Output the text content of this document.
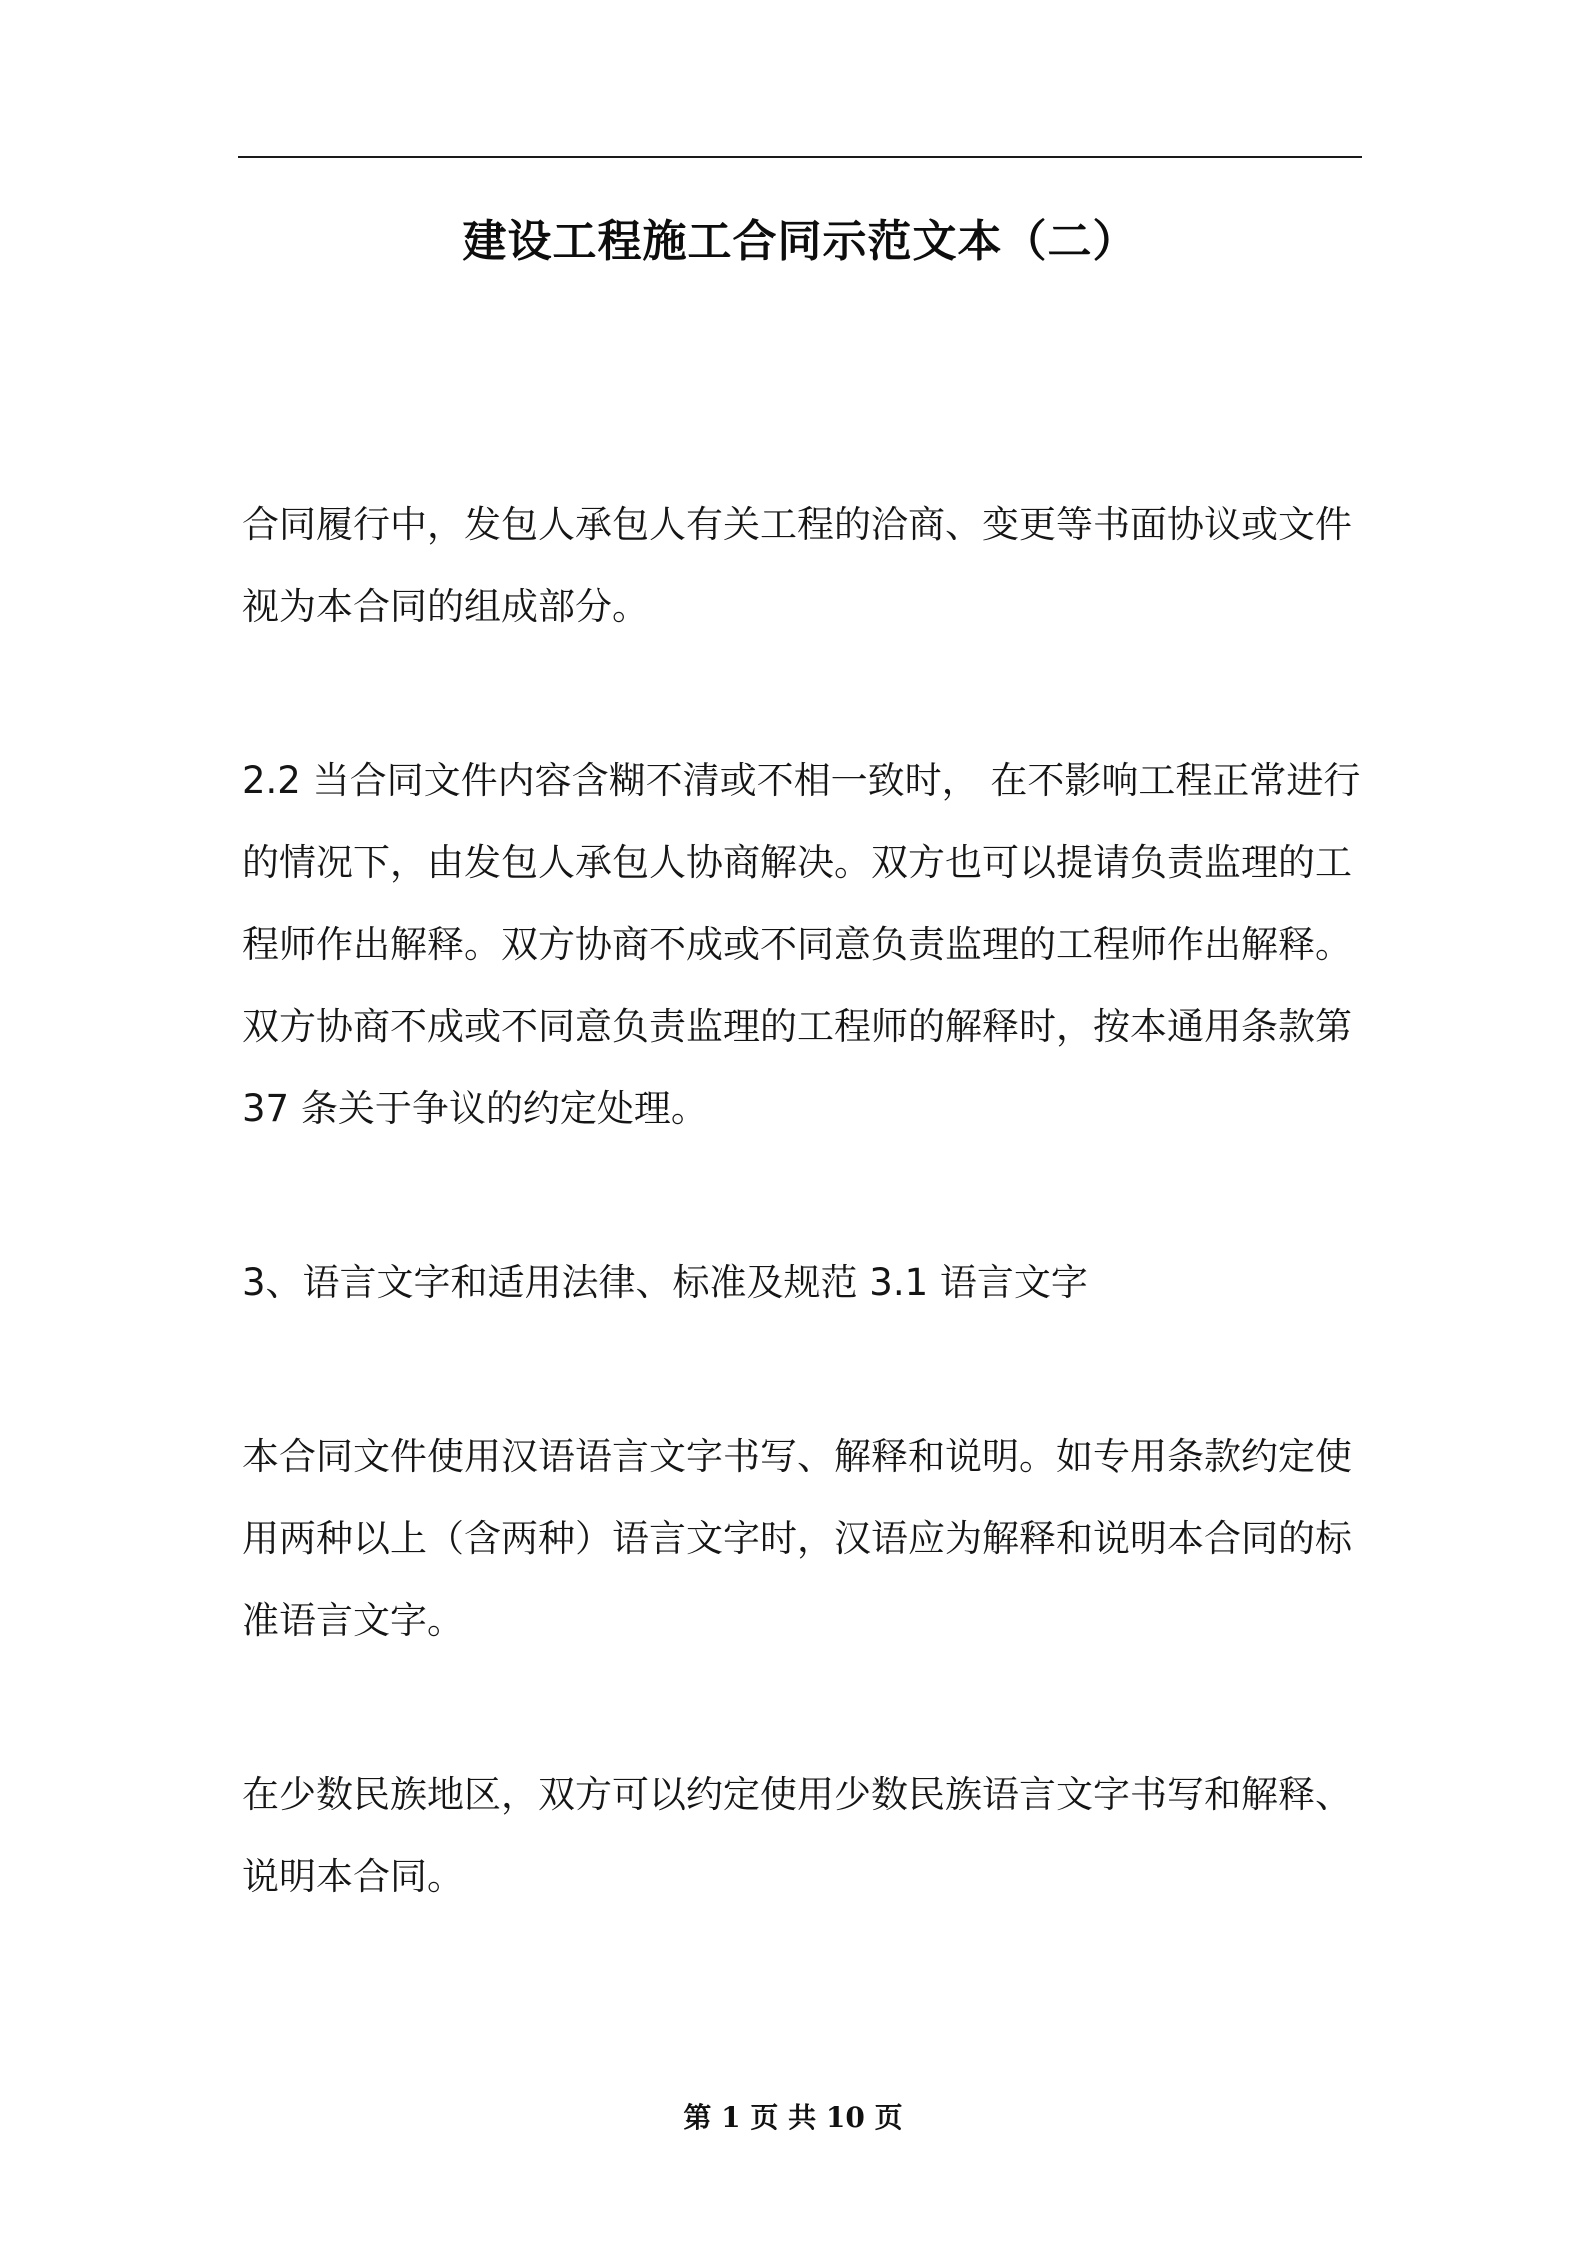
建设工程施工合同示范文本（二）

合同履行中，发包人承包人有关工程的洽商、变更等书面协议或文件视为本合同的组成部分。

2.2 当合同文件内容含糊不清或不相一致时， 在不影响工程正常进行的情况下，由发包人承包人协商解决。双方也可以提请负责监理的工程师作出解释。双方协商不成或不同意负责监理的工程师作出解释。双方协商不成或不同意负责监理的工程师的解释时，按本通用条款第 37 条关于争议的约定处理。

3、语言文字和适用法律、标准及规范 3.1 语言文字

本合同文件使用汉语语言文字书写、解释和说明。如专用条款约定使用两种以上（含两种）语言文字时，汉语应为解释和说明本合同的标准语言文字。

在少数民族地区，双方可以约定使用少数民族语言文字书写和解释、说明本合同。

第 1 页 共 10 页
